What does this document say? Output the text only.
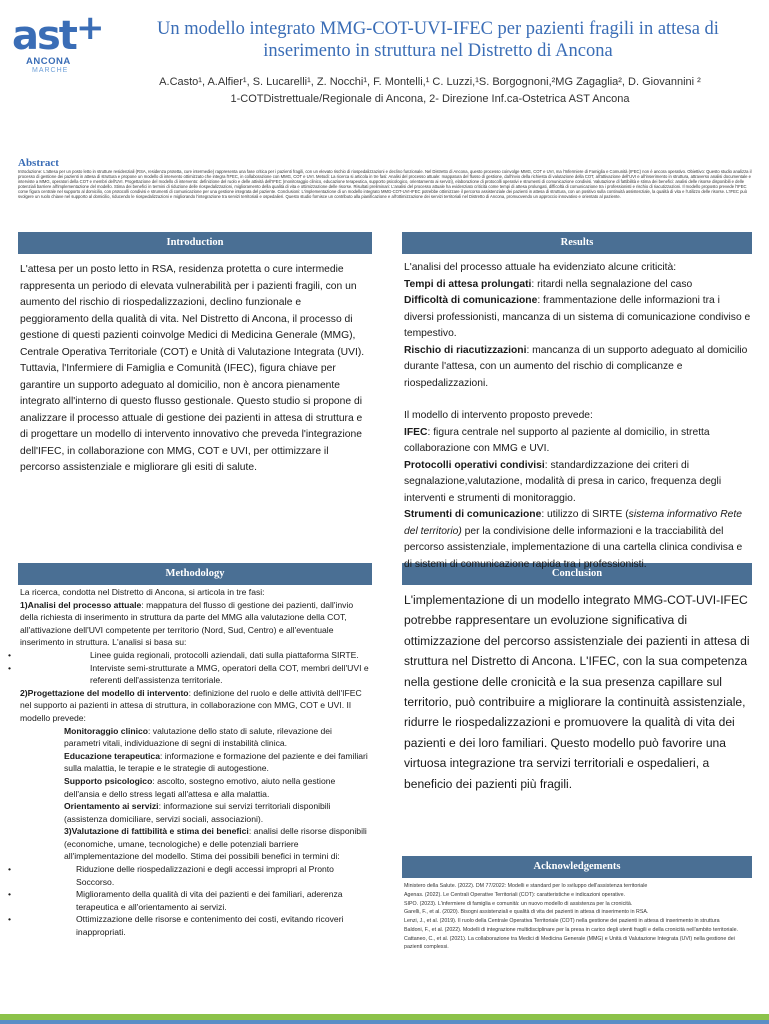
ast +
ANCONA
MARCHE
Un modello integrato MMG-COT-UVI-IFEC per pazienti fragili in attesa di inserimento in struttura nel Distretto di Ancona
A.Casto¹, A.Alfier¹, S. Lucarelli¹, Z. Nocchi¹, F. Montelli,¹ C. Luzzi,¹S. Borgognoni,²MG Zagaglia², D. Giovannini ²
1-COTDistrettuale/Regionale di Ancona, 2- Direzione Inf.ca-Ostetrica AST Ancona
Abstract
Introduzione: L'attesa per un posto letto in strutture residenziali (RSA, residenza protetta, cure intermedie) rappresenta una fase critica per i pazienti fragili, con un elevato rischio di riospedalizzazioni e declino funzionale. Nel Distretto di Ancona, questo processo coinvolge MMG, COT e UVI, ma l'Infermiere di Famiglia e Comunità (IFEC) non è ancora operativo. Obiettivo: Questo studio analizza il processo di gestione dei pazienti in attesa di struttura e propone un modello di intervento ottimizzato che integra l'IFEC, in collaborazione con MMG, COT e UVI. Metodi: La ricerca si articola in tre fasi: Analisi del processo attuale: mappatura del flusso di gestione, dall'invio della richiesta di valutazione della COT, all'attivazione dell'UVI e all'inserimento in struttura, attraverso analisi documentale e interviste a MMG, operatori della COT e membri dell'UVI. Progettazione del modello di intervento: definizione del ruolo e delle attività dell'IFEC (monitoraggio clinico, educazione terapeutica, supporto psicologico, orientamento ai servizi), elaborazione di protocolli operativi e strumenti di comunicazione condivisi. Valutazione di fattibilità e stima dei benefici: analisi delle risorse disponibili e delle potenziali barriere all'implementazione del modello. Stima dei benefici in termini di riduzione delle riospedalizzazioni, miglioramento della qualità di vita e ottimizzazione delle risorse. Risultati preliminari: L'analisi del processo attuale ha evidenziato criticità come tempi di attesa prolungati, difficoltà di comunicazione tra i professionisti e rischio di riacutizzazioni. Il modello proposto prevede l'IFEC come figura centrale nel supporto al domicilio, con protocolli condivisi e strumenti di comunicazione per una gestione integrata del paziente. Conclusioni: L'implementazione di un modello integrato MMG-COT-UVI-IFEC potrebbe ottimizzare il percorso assistenziale dei pazienti in attesa di struttura, con un positivo sulla continuità assistenziale, la qualità di vita e l'utilizzo delle risorse. L'IFEC può svolgere un ruolo chiave nel supporto al domicilio, riducendo le riospedalizzazioni e migliorando l'integrazione tra servizi territoriali e ospedalieri. Questo studio fornisce un contributo alla pianificazione e all'ottimizzazione dei servizi territoriali nel Distretto di Ancona, promuovendo un approccio innovativo e orientato al paziente.
Introduction	Results
Methodology	Conclusion
Acknowledgements
L'attesa per un posto letto in RSA, residenza protetta o cure intermedie rappresenta un periodo di elevata vulnerabilità per i pazienti fragili, con un aumento del rischio di riospedalizzazioni, declino funzionale e peggioramento della qualità di vita. Nel Distretto di Ancona, il processo di gestione di questi pazienti coinvolge Medici di Medicina Generale (MMG), Centrale Operativa Territoriale (COT) e Unità di Valutazione Integrata (UVI). Tuttavia, l'Infermiere di Famiglia e Comunità (IFEC), figura chiave per garantire un supporto adeguato al domicilio, non è ancora pienamente integrato all'interno di questo flusso gestionale. Questo studio si propone di analizzare il processo attuale di gestione dei pazienti in attesa di struttura e di progettare un modello di intervento innovativo che preveda l'integrazione dell'IFEC, in collaborazione con MMG, COT e UVI, per ottimizzare il percorso assistenziale e migliorare gli esiti di salute.

L'analisi del processo attuale ha evidenziato alcune criticità:

Tempi di attesa prolungati: ritardi nella segnalazione del caso

Difficoltà di comunicazione: frammentazione delle informazioni tra i diversi professionisti, mancanza di un sistema di comunicazione condiviso e tempestivo.

Rischio di riacutizzazioni: mancanza di un supporto adeguato al domicilio durante l'attesa, con un aumento del rischio di complicanze e riospedalizzazioni.

Il modello di intervento proposto prevede:

IFEC: figura centrale nel supporto al paziente al domicilio, in stretta collaborazione con MMG e UVI.

Protocolli operativi condivisi: standardizzazione dei criteri di segnalazione,valutazione, modalità di presa in carico, frequenza degli interventi e strumenti di monitoraggio.

Strumenti di comunicazione: utilizzo di SIRTE (sistema informativo Rete del territorio) per la condivisione delle informazioni e la tracciabilità del percorso assistenziale, implementazione di una cartella clinica condivisa e di sistemi di comunicazione rapida tra i professionisti.

La ricerca, condotta nel Distretto di Ancona, si articola in tre fasi:
1)Analisi del processo attuale: mappatura del flusso di gestione dei pazienti, dall'invio della richiesta di inserimento in struttura da parte del MMG alla valutazione della COT, all'attivazione dell'UVI competente per territorio (Nord, Sud, Centro) e all'eventuale inserimento in struttura. L'analisi si basa su:
• Linee guida regionali, protocolli aziendali, dati sulla piattaforma SIRTE.
• Interviste semi-strutturate a MMG, operatori della COT, membri dell'UVI e referenti dell'assistenza territoriale.
2)Progettazione del modello di intervento: definizione del ruolo e delle attività dell'IFEC nel supporto ai pazienti in attesa di struttura, in collaborazione con MMG, COT e UVI. Il modello prevede:
Monitoraggio clinico: valutazione dello stato di salute, rilevazione dei parametri vitali, individuazione di segni di instabilità clinica.
Educazione terapeutica: informazione e formazione del paziente e dei familiari sulla malattia, le terapie e le strategie di autogestione.
Supporto psicologico: ascolto, sostegno emotivo, aiuto nella gestione dell'ansia e dello stress legati all'attesa e alla malattia.
Orientamento ai servizi: informazione sui servizi territoriali disponibili (assistenza domiciliare, servizi sociali, associazioni).
3)Valutazione di fattibilità e stima dei benefici: analisi delle risorse disponibili (economiche, umane, tecnologiche) e delle potenziali barriere all'implementazione del modello. Stima dei possibili benefici in termini di:
• Riduzione delle riospedalizzazioni e degli accessi impropri al Pronto Soccorso.
• Miglioramento della qualità di vita dei pazienti e dei familiari, aderenza terapeutica e all'orientamento ai servizi.
• Ottimizzazione delle risorse e contenimento dei costi, evitando ricoveri inappropriati.
L'implementazione di un modello integrato MMG-COT-UVI-IFEC potrebbe rappresentare un evoluzione significativa di ottimizzazione del percorso assistenziale dei pazienti in attesa di struttura nel Distretto di Ancona. L'IFEC, con la sua competenza nella gestione delle cronicità e la sua presenza capillare sul territorio, può contribuire a migliorare la continuità assistenziale, ridurre le riospedalizzazioni e promuovere la qualità di vita dei pazienti e dei loro familiari. Questo modello può favorire una virtuosa integrazione tra servizi territoriali e ospedalieri, a beneficio dei pazienti più fragili.

Ministero della Salute. (2022). DM 77/2022: Modelli e standard per lo sviluppo dell'assistenza territoriale

Agenas. (2022). Le Centrali Operative Territoriali (COT): caratteristiche e indicazioni operative.

SIPO. (2023). L'infermiere di famiglia e comunità: un nuovo modello di assistenza per la cronicità.

Garelli, F., et al. (2020). Bisogni assistenziali e qualità di vita dei pazienti in attesa di inserimento in RSA.

Lenzi, J., et al. (2019). Il ruolo della Centrale Operativa Territoriale (COT) nella gestione dei pazienti in attesa di inserimento in struttura

Baldoni, F., et al. (2022). Modelli di integrazione multidisciplinare per la presa in carico degli utenti fragili e della cronicità nell'ambito territoriale.

Cattaneo, C., et al. (2021). La collaborazione tra Medici di Medicina Generale (MMG) e Unità di Valutazione Integrata (UVI) nella gestione dei pazienti complessi.
